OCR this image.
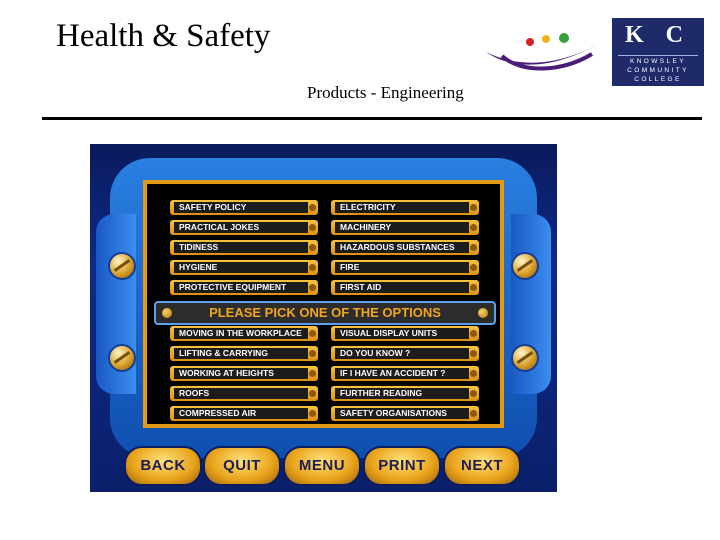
Health & Safety	K C
KNOWSLEY
COMMUNITY
COLLEGE
Products - Engineering
SAFETY POLICY
PRACTICAL JOKES
TIDINESS
HYGIENE
PROTECTIVE EQUIPMENT
ELECTRICITY
MACHINERY
HAZARDOUS SUBSTANCES
FIRE
FIRST AID
PLEASE PICK ONE OF THE OPTIONS
MOVING IN THE WORKPLACE
LIFTING & CARRYING
WORKING AT HEIGHTS
ROOFS
COMPRESSED AIR
VISUAL DISPLAY UNITS
DO YOU KNOW ?
IF I HAVE AN ACCIDENT ?
FURTHER READING
SAFETY ORGANISATIONS
BACK	QUIT	MENU	PRINT	NEXT
